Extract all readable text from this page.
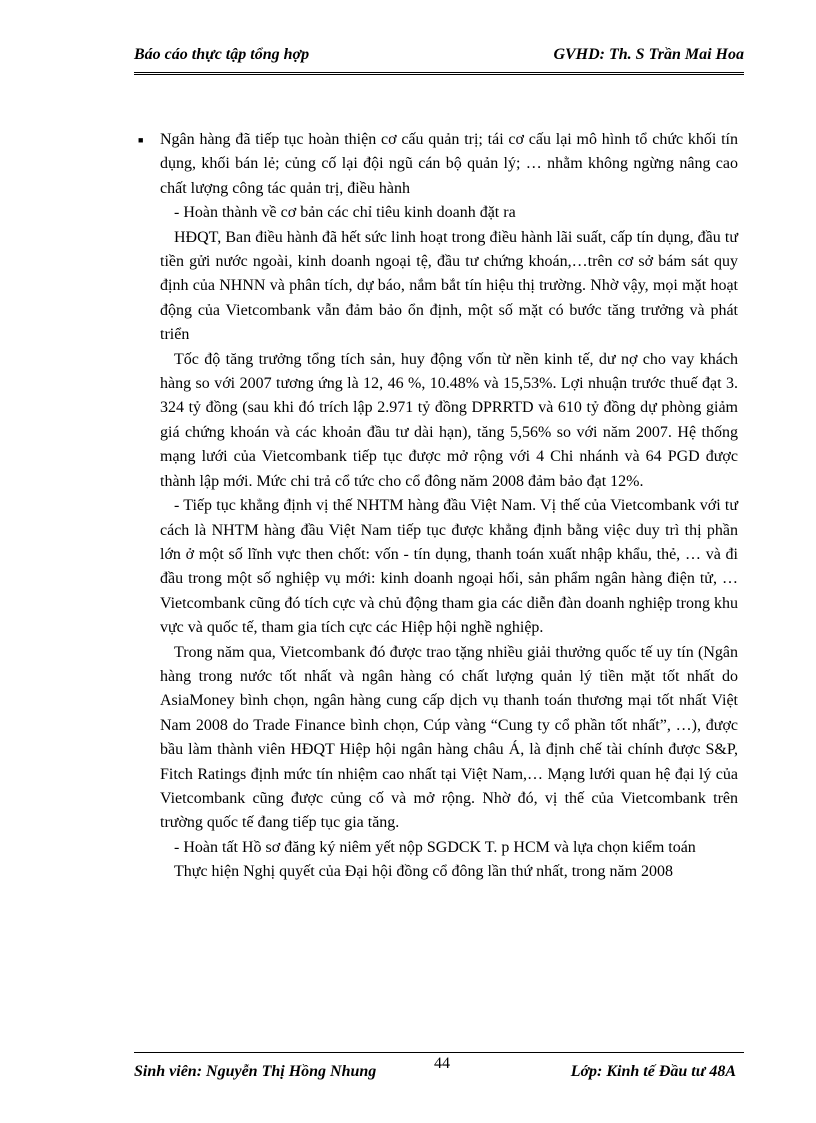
Báo cáo thực tập tổng hợp	GVHD: Th. S Trần Mai Hoa

■ Ngân hàng đã tiếp tục hoàn thiện cơ cấu quản trị; tái cơ cấu lại mô hình tổ chức khối tín dụng, khối bán lẻ; củng cố lại đội ngũ cán bộ quản lý; … nhằm không ngừng nâng cao chất lượng công tác quản trị, điều hành

- Hoàn thành về cơ bản các chỉ tiêu kinh doanh đặt ra

HĐQT, Ban điều hành đã hết sức linh hoạt trong điều hành lãi suất, cấp tín dụng, đầu tư tiền gửi nước ngoài, kinh doanh ngoại tệ, đầu tư chứng khoán,…trên cơ sở bám sát quy định của NHNN và phân tích, dự báo, nắm bắt tín hiệu thị trường. Nhờ vậy, mọi mặt hoạt động của Vietcombank vẫn đảm bảo ổn định, một số mặt có bước tăng trưởng và phát triển

Tốc độ tăng trưởng tổng tích sản, huy động vốn từ nền kinh tế, dư nợ cho vay khách hàng so với 2007 tương ứng là 12, 46 %, 10.48% và 15,53%. Lợi nhuận trước thuế đạt 3. 324 tỷ đồng (sau khi đó trích lập 2.971 tỷ đồng DPRRTD và 610 tỷ đồng dự phòng giảm giá chứng khoán và các khoản đầu tư dài hạn), tăng 5,56% so với năm 2007. Hệ thống mạng lưới của Vietcombank tiếp tục được mở rộng với 4 Chi nhánh và 64 PGD được thành lập mới. Mức chi trả cổ tức cho cổ đông năm 2008 đảm bảo đạt 12%.

- Tiếp tục khẳng định vị thế NHTM hàng đầu Việt Nam. Vị thế của Vietcombank với tư cách là NHTM hàng đầu Việt Nam tiếp tục được khẳng định bằng việc duy trì thị phần lớn ở một số lĩnh vực then chốt: vốn - tín dụng, thanh toán xuất nhập khẩu, thẻ, … và đi đầu trong một số nghiệp vụ mới: kinh doanh ngoại hối, sản phẩm ngân hàng điện tử, … Vietcombank cũng đó tích cực và chủ động tham gia các diễn đàn doanh nghiệp trong khu vực và quốc tế, tham gia tích cực các Hiệp hội nghề nghiệp.

Trong năm qua, Vietcombank đó được trao tặng nhiều giải thưởng quốc tế uy tín (Ngân hàng trong nước tốt nhất và ngân hàng có chất lượng quản lý tiền mặt tốt nhất do AsiaMoney bình chọn, ngân hàng cung cấp dịch vụ thanh toán thương mại tốt nhất Việt Nam 2008 do Trade Finance bình chọn, Cúp vàng “Cung ty cổ phần tốt nhất”, …), được bầu làm thành viên HĐQT Hiệp hội ngân hàng châu Á, là định chế tài chính được S&P, Fitch Ratings định mức tín nhiệm cao nhất tại Việt Nam,… Mạng lưới quan hệ đại lý của Vietcombank cũng được củng cố và mở rộng. Nhờ đó, vị thế của Vietcombank trên trường quốc tế đang tiếp tục gia tăng.

- Hoàn tất Hồ sơ đăng ký niêm yết nộp SGDCK T. p HCM và lựa chọn kiểm toán

Thực hiện Nghị quyết của Đại hội đồng cổ đông lần thứ nhất, trong năm 2008

Sinh viên: Nguyễn Thị Hồng Nhung	44	Lớp: Kinh tế Đầu tư 48A
